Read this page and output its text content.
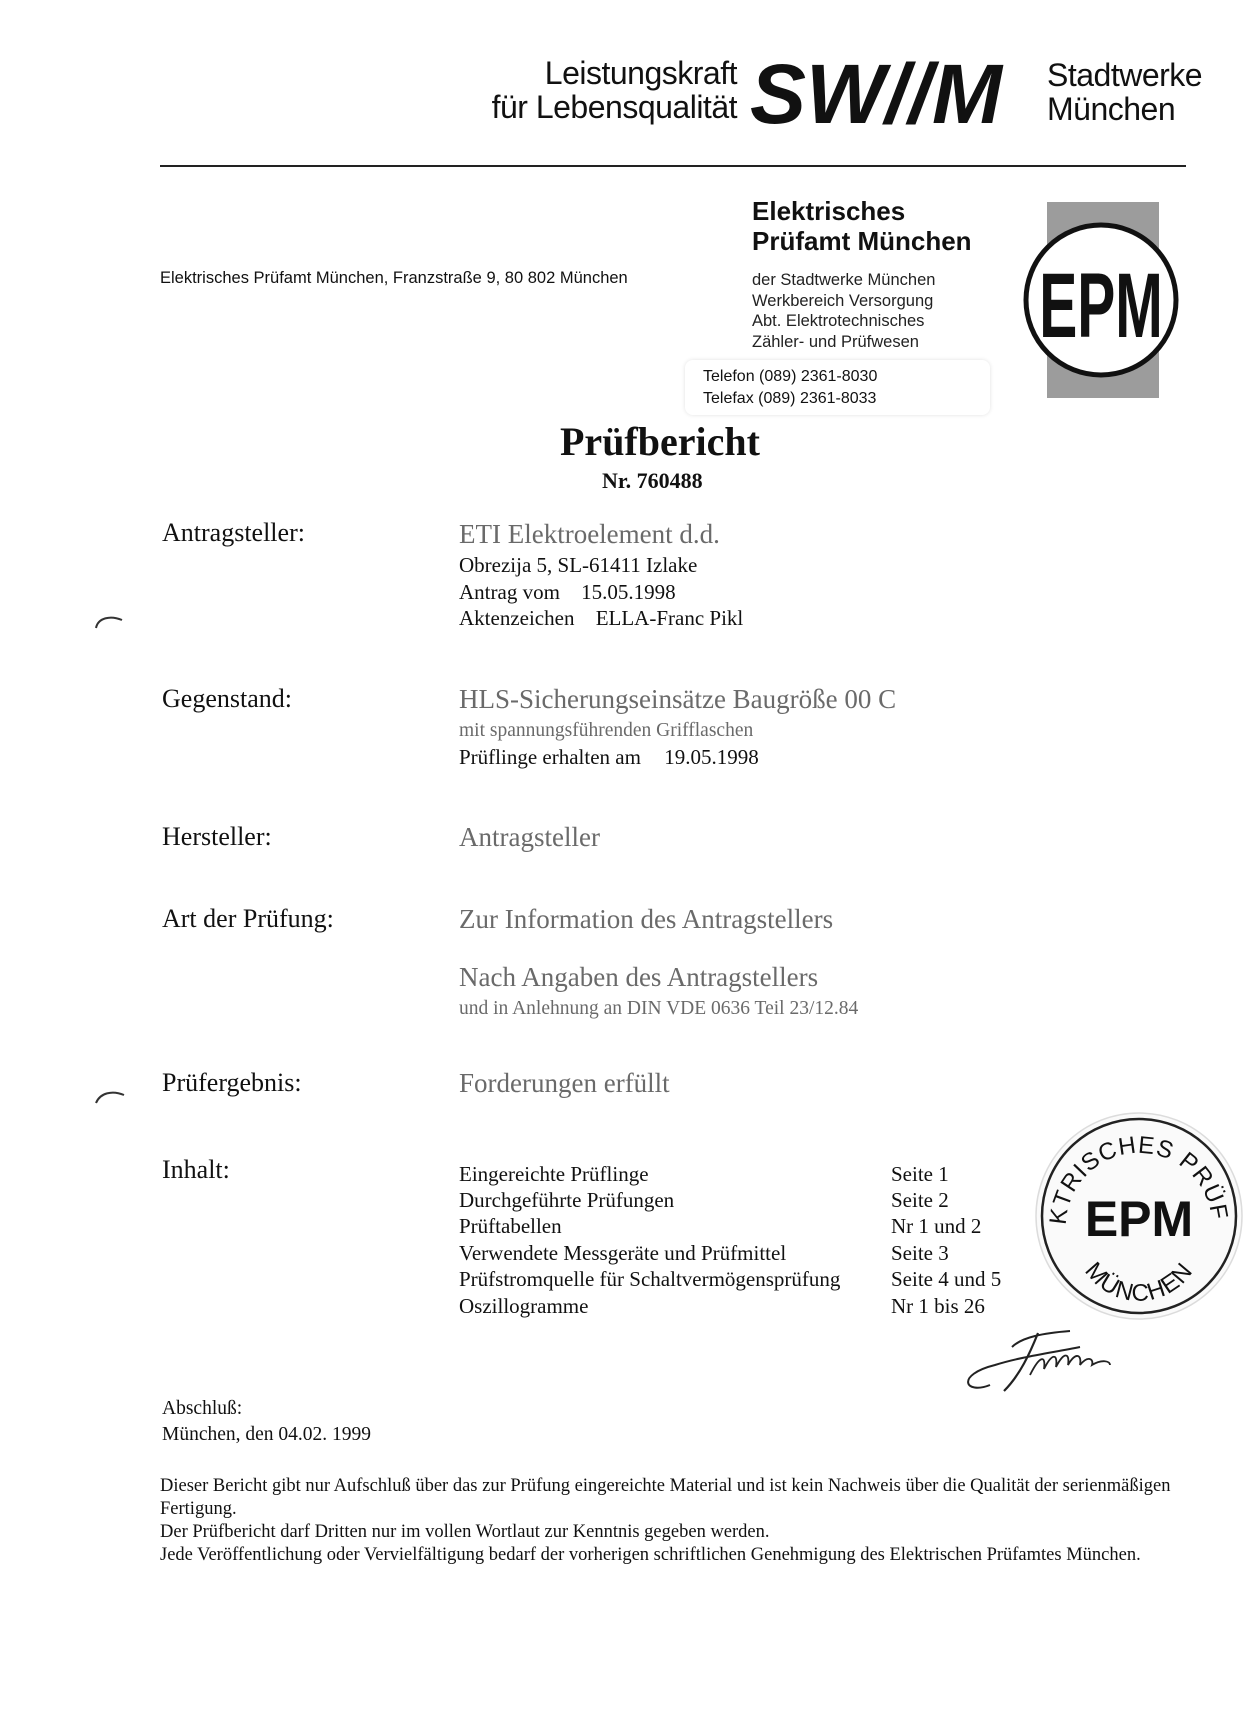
Leistungskraft
für Lebensqualität SW//M Stadtwerke
München
Elektrisches Prüfamt München, Franzstraße 9, 80 802 München
Elektrisches
Prüfamt München
der Stadtwerke München
Werkbereich Versorgung
Abt. Elektrotechnisches
Zähler- und Prüfwesen
Telefon (089) 2361-8030
Telefax (089) 2361-8033
EPM
Prüfbericht
Nr. 760488
Antragsteller:	ETI Elektroelement d.d.
Obrezija 5, SL-61411 Izlake
Antrag vom 15.05.1998
Aktenzeichen ELLA-Franc Pikl
Gegenstand:	HLS-Sicherungseinsätze Baugröße 00 C
mit spannungsführenden Grifflaschen
Prüflinge erhalten am 19.05.1998
Hersteller:	Antragsteller
Art der Prüfung:	Zur Information des Antragstellers
Nach Angaben des Antragstellers
und in Anlehnung an DIN VDE 0636 Teil 23/12.84
Prüfergebnis:	Forderungen erfüllt
Inhalt:	Eingereichte Prüflinge	Seite 1
Durchgeführte Prüfungen	Seite 2
Prüftabellen	Nr 1 und 2
Verwendete Messgeräte und Prüfmittel	Seite 3
Prüfstromquelle für Schaltvermögensprüfung Seite 4 und 5
Oszillogramme	Nr 1 bis 26
KTRISCHES PRÜF
EPM
MÜNCHEN
Abschluß:
München, den 04.02. 1999
Dieser Bericht gibt nur Aufschluß über das zur Prüfung eingereichte Material und ist kein Nachweis über die Qualität der serienmäßigen Fertigung.
Der Prüfbericht darf Dritten nur im vollen Wortlaut zur Kenntnis gegeben werden.
Jede Veröffentlichung oder Vervielfältigung bedarf der vorherigen schriftlichen Genehmigung des Elektrischen Prüfamtes München.
